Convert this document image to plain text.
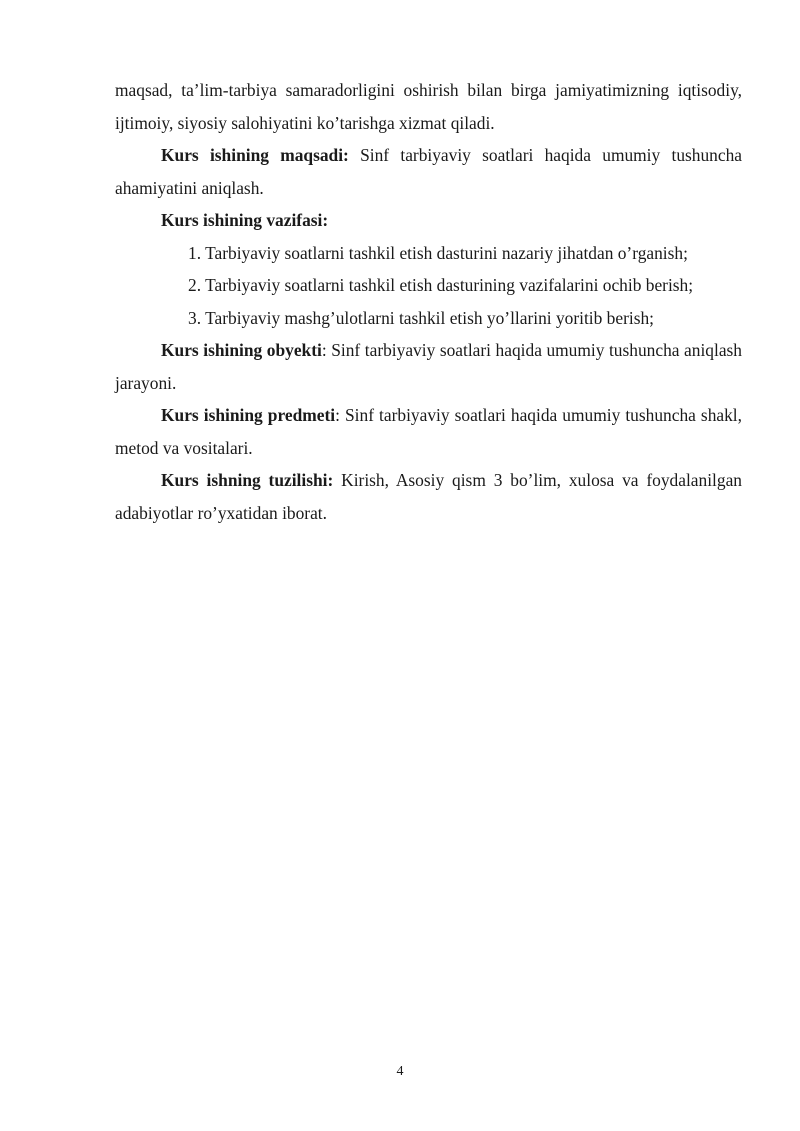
maqsad, ta’lim-tarbiya samaradorligini oshirish bilan birga jamiyatimizning iqtisodiy, ijtimoiy, siyosiy salohiyatini ko’tarishga xizmat qiladi.

Kurs ishining maqsadi: Sinf tarbiyaviy soatlari haqida umumiy tushuncha ahamiyatini aniqlash.

Kurs ishining vazifasi:

1. Tarbiyaviy soatlarni tashkil etish dasturini nazariy jihatdan o’rganish;
2. Tarbiyaviy soatlarni tashkil etish dasturining vazifalarini ochib berish;
3. Tarbiyaviy mashg’ulotlarni tashkil etish yo’llarini yoritib berish;

Kurs ishining obyekti: Sinf tarbiyaviy soatlari haqida umumiy tushuncha aniqlash jarayoni.

Kurs ishining predmeti: Sinf tarbiyaviy soatlari haqida umumiy tushuncha shakl, metod va vositalari.

Kurs ishning tuzilishi: Kirish, Asosiy qism 3 bo’lim, xulosa va foydalanilgan adabiyotlar ro’yxatidan iborat.

4
